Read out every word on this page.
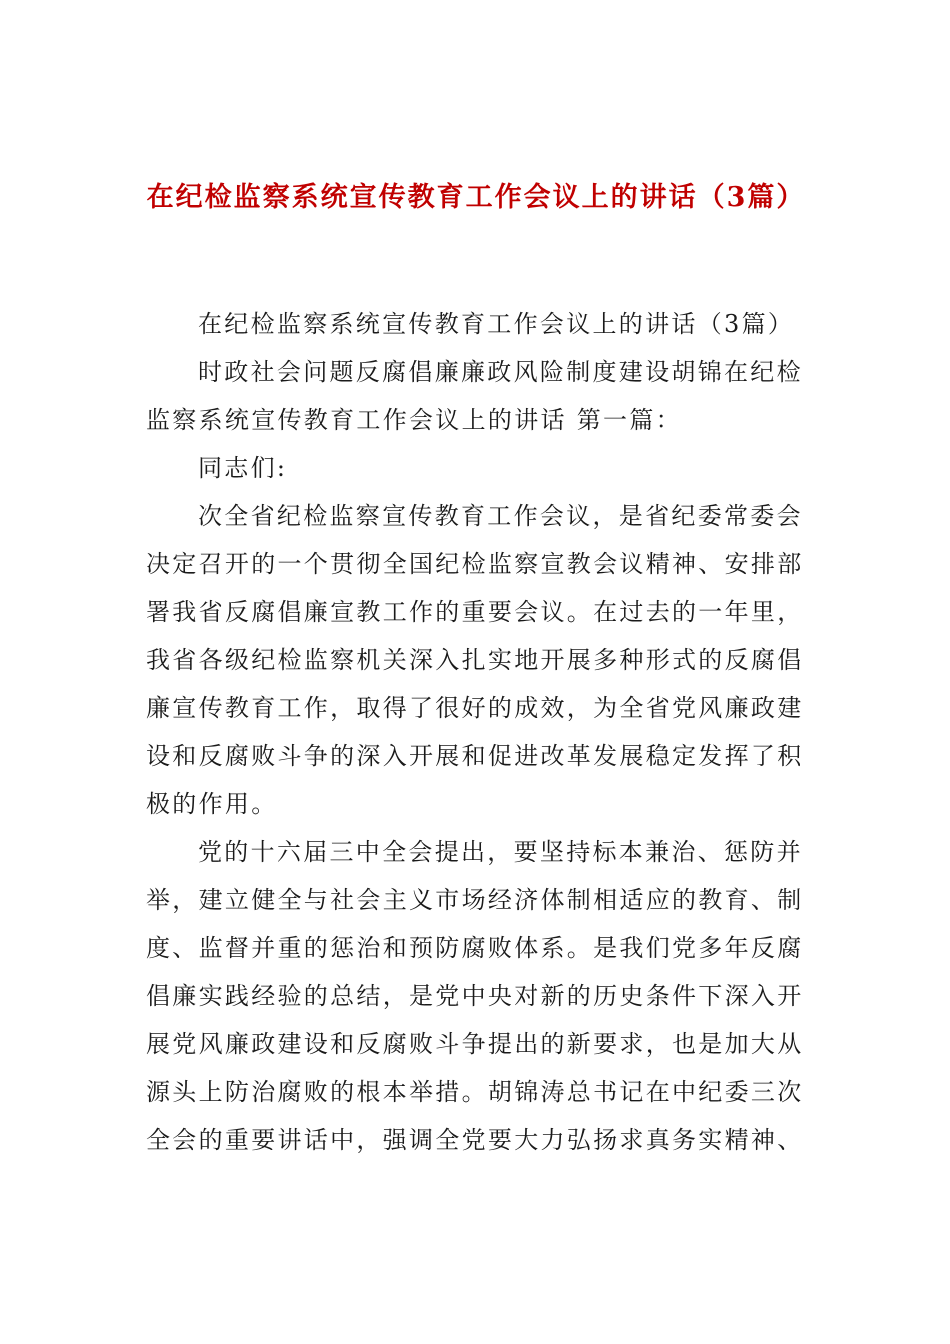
在纪检监察系统宣传教育工作会议上的讲话（3篇）

在纪检监察系统宣传教育工作会议上的讲话（3篇）

时政社会问题反腐倡廉廉政风险制度建设胡锦在纪检监察系统宣传教育工作会议上的讲话 第一篇：

同志们:

次全省纪检监察宣传教育工作会议，是省纪委常委会决定召开的一个贯彻全国纪检监察宣教会议精神、安排部署我省反腐倡廉宣教工作的重要会议。在过去的一年里，我省各级纪检监察机关深入扎实地开展多种形式的反腐倡廉宣传教育工作，取得了很好的成效，为全省党风廉政建设和反腐败斗争的深入开展和促进改革发展稳定发挥了积极的作用。

党的十六届三中全会提出，要坚持标本兼治、惩防并举，建立健全与社会主义市场经济体制相适应的教育、制度、监督并重的惩治和预防腐败体系。是我们党多年反腐倡廉实践经验的总结，是党中央对新的历史条件下深入开展党风廉政建设和反腐败斗争提出的新要求，也是加大从源头上防治腐败的根本举措。胡锦涛总书记在中纪委三次全会的重要讲话中，强调全党要大力弘扬求真务实精神、
